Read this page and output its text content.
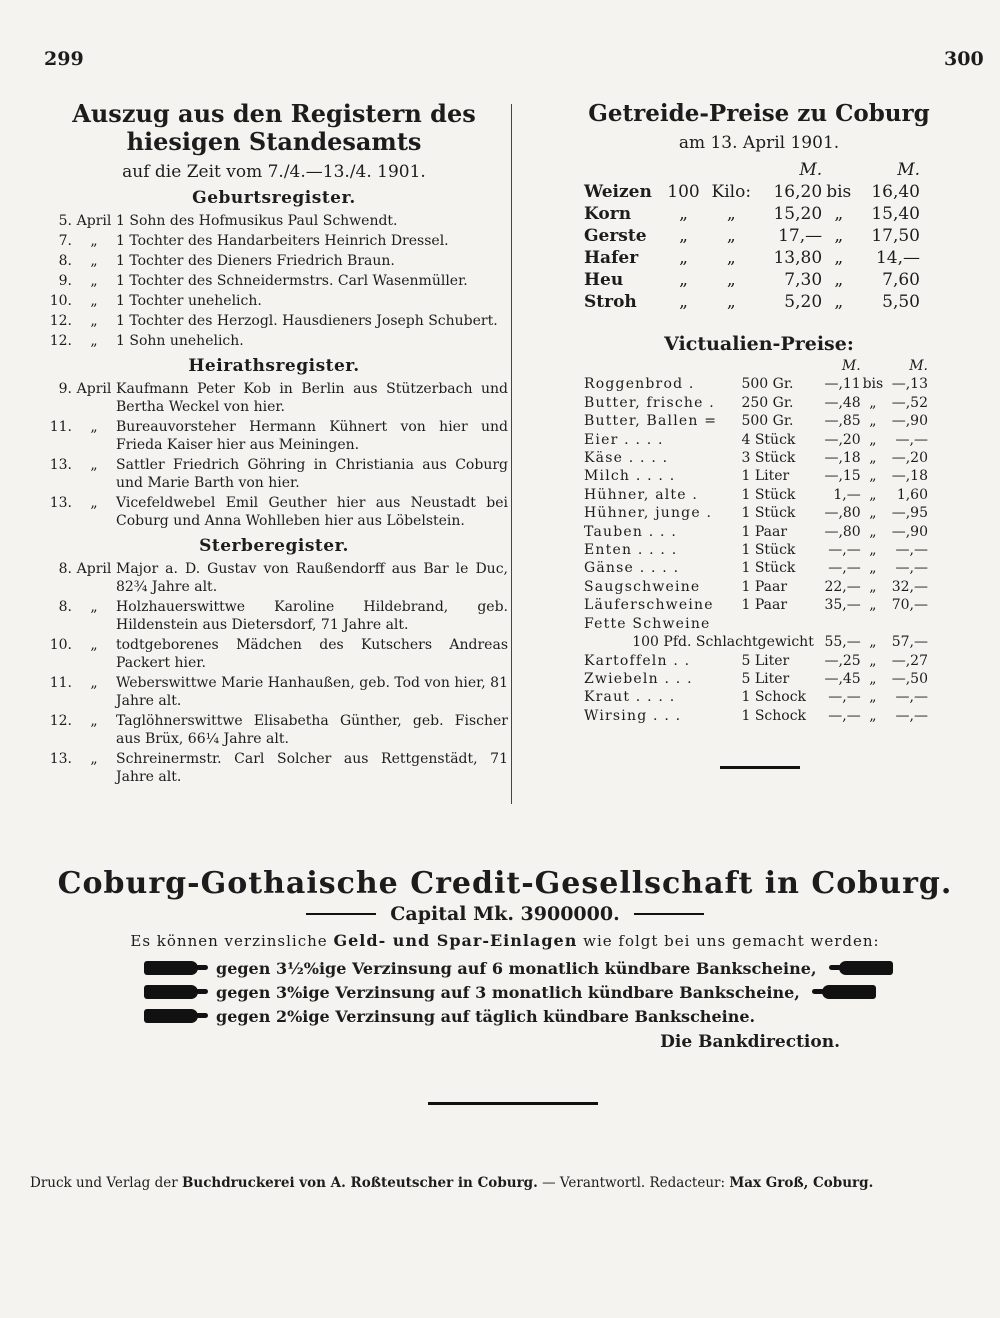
299	300
Auszug aus den Registern des hiesigen Standesamts
auf die Zeit vom 7./4.—13./4. 1901.
Geburtsregister.
5. April 1 Sohn des Hofmusikus Paul Schwendt.
7.	„	1 Tochter des Handarbeiters Heinrich Dressel.
8.	„	1 Tochter des Dieners Friedrich Braun.
9.	„	1 Tochter des Schneidermstrs. Carl Wasenmüller.
10.	„	1 Tochter unehelich.
12.	„	1 Tochter des Herzogl. Hausdieners Joseph Schubert.
12.	„	1 Sohn unehelich.
Heirathsregister.
9. April Kaufmann Peter Kob in Berlin aus Stützerbach und Bertha Weckel von hier.
11.	„	Bureauvorsteher Hermann Kühnert von hier und Frieda Kaiser hier aus Meiningen.
13.	„	Sattler Friedrich Göhring in Christiania aus Coburg und Marie Barth von hier.
13.	„	Vicefeldwebel Emil Geuther hier aus Neustadt bei Coburg und Anna Wohlleben hier aus Löbelstein.
Sterberegister.
8. April Major a. D. Gustav von Raußendorff aus Bar le Duc, 82¾ Jahre alt.
8.	„	Holzhauerswittwe Karoline Hildebrand, geb. Hildenstein aus Dietersdorf, 71 Jahre alt.
10.	„	todtgeborenes Mädchen des Kutschers Andreas Packert hier.
11.	„	Weberswittwe Marie Hanhaußen, geb. Tod von hier, 81 Jahre alt.
12.	„	Taglöhnerswittwe Elisabetha Günther, geb. Fischer aus Brüx, 66¼ Jahre alt.
13.	„	Schreinermstr. Carl Solcher aus Rettgenstädt, 71 Jahre alt.
Getreide-Preise zu Coburg
am 13. April 1901.
			M.		M.
Weizen	100	Kilo:	16,20	bis	16,40
Korn	„	„	15,20	„	15,40
Gerste	„	„	17,—	„	17,50
Hafer	„	„	13,80	„	14,—
Heu	„	„	7,30	„	7,60
Stroh	„	„	5,20	„	5,50
Victualien-Preise:
		M.		M.
Roggenbrod .	500 Gr.	—,11	bis	—,13
Butter, frische .	250 Gr.	—,48	„	—,52
Butter, Ballen =	500 Gr.	—,85	„	—,90
Eier . . . .	4 Stück	—,20	„	—,—
Käse . . . .	3 Stück	—,18	„	—,20
Milch . . . .	1 Liter	—,15	„	—,18
Hühner, alte .	1 Stück	1,—	„	1,60
Hühner, junge .	1 Stück	—,80	„	—,95
Tauben . . .	1 Paar	—,80	„	—,90
Enten . . . .	1 Stück	—,—	„	—,—
Gänse . . . .	1 Stück	—,—	„	—,—
Saugschweine	1 Paar	22,—	„	32,—
Läuferschweine	1 Paar	35,—	„	70,—
Fette Schweine				
100 Pfd. Schlachtgewicht		55,—	„	57,—
Kartoffeln . .	5 Liter	—,25	„	—,27
Zwiebeln . . .	5 Liter	—,45	„	—,50
Kraut . . . .	1 Schock	—,—	„	—,—
Wirsing . . .	1 Schock	—,—	„	—,—
Coburg-Gothaische Credit-Gesellschaft in Coburg.
Capital Mk. 3900000.
Es können verzinsliche Geld- und Spar-Einlagen wie folgt bei uns gemacht werden:
gegen 3½%ige Verzinsung auf 6 monatlich kündbare Bankscheine,
gegen 3%ige Verzinsung auf 3 monatlich kündbare Bankscheine,
gegen 2%ige Verzinsung auf täglich kündbare Bankscheine.
Die Bankdirection.
Druck und Verlag der Buchdruckerei von A. Roßteutscher in Coburg. — Verantwortl. Redacteur: Max Groß, Coburg.
